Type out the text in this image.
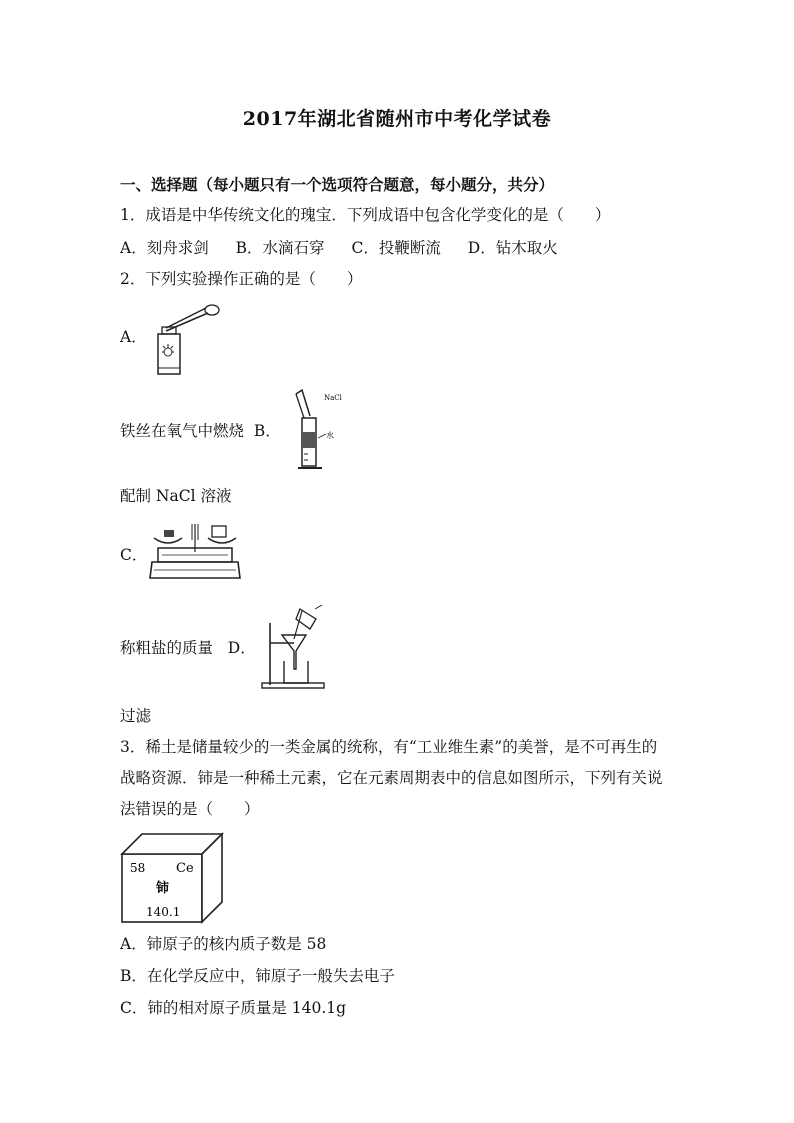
2017年湖北省随州市中考化学试卷
一、选择题（每小题只有一个选项符合题意，每小题分，共分）
1．成语是中华传统文化的瑰宝．下列成语中包含化学变化的是（　　）
A．刻舟求剑 B．水滴石穿 C．投鞭断流 D．钻木取火
2．下列实验操作正确的是（　　）
A．
铁丝在氧气中燃烧 B．
NaCl
水
配制 NaCl 溶液
C．
称粗盐的质量 D．
过滤
3．稀土是储量较少的一类金属的统称，有“工业维生素”的美誉，是不可再生的
战略资源．铈是一种稀土元素，它在元素周期表中的信息如图所示，下列有关说
法错误的是（　　）
58 Ce
铈
140.1
A．铈原子的核内质子数是 58
B．在化学反应中，铈原子一般失去电子
C．铈的相对原子质量是 140.1g
